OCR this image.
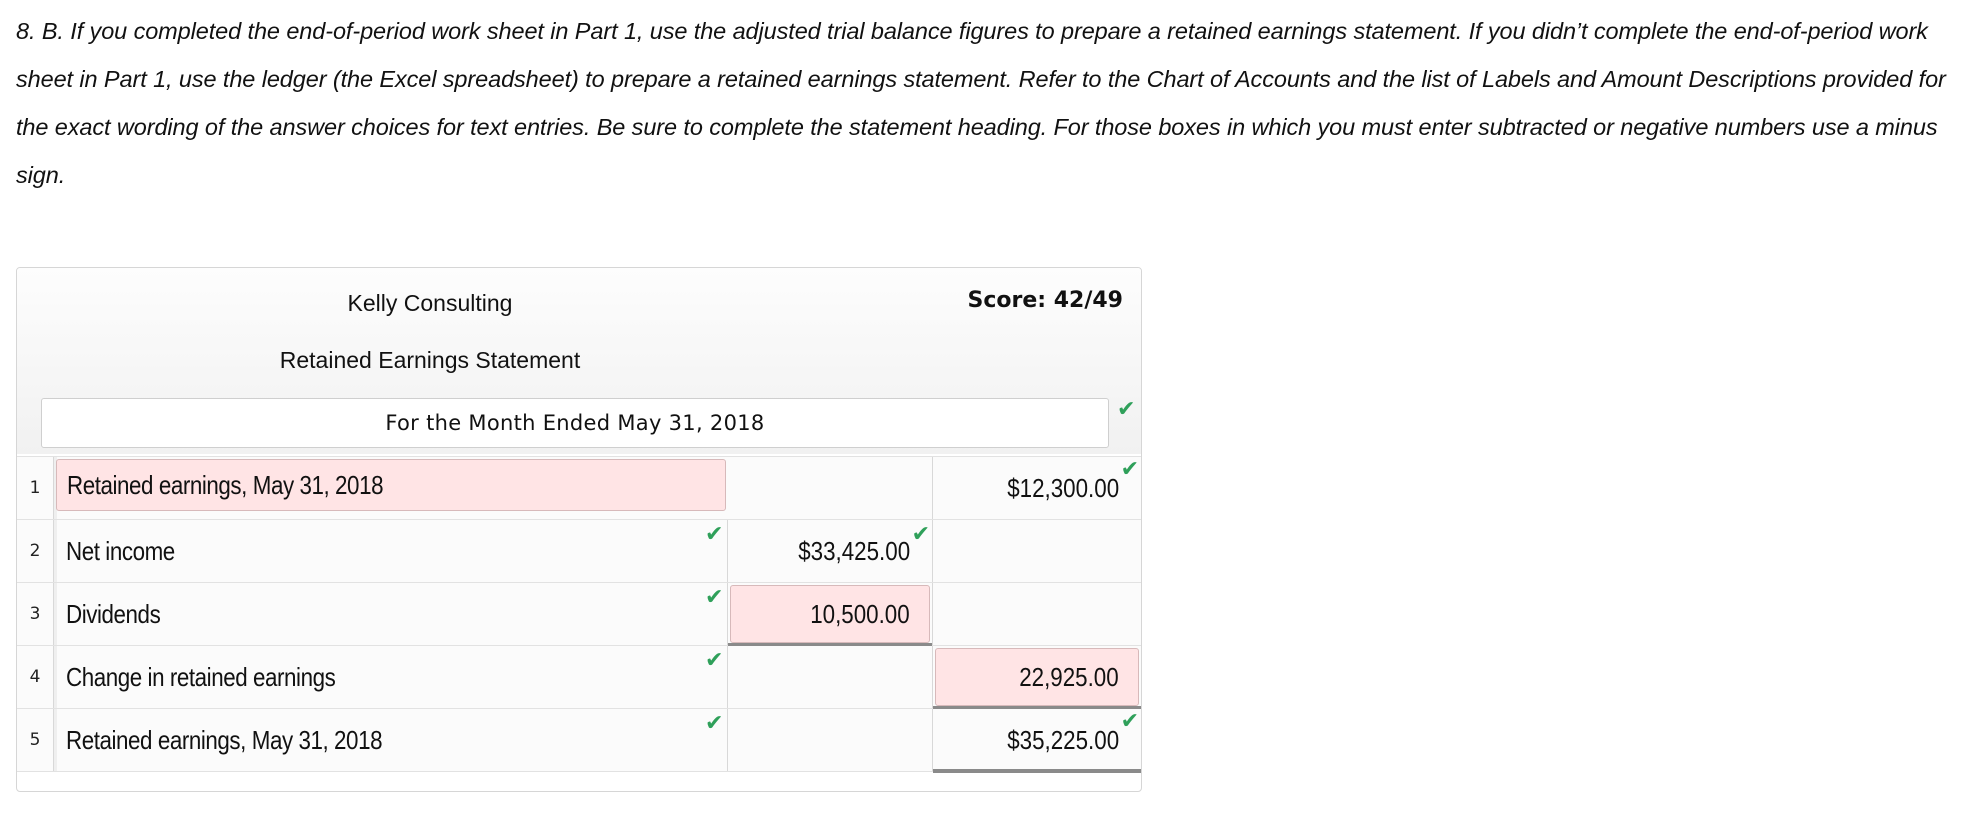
8. B. If you completed the end-of-period work sheet in Part 1, use the adjusted trial balance figures to prepare a retained earnings statement. If you didn’t complete the end-of-period work sheet in Part 1, use the ledger (the Excel spreadsheet) to prepare a retained earnings statement. Refer to the Chart of Accounts and the list of Labels and Amount Descriptions provided for the exact wording of the answer choices for text entries. Be sure to complete the statement heading. For those boxes in which you must enter subtracted or negative numbers use a minus sign.

Kelly Consulting
Retained Earnings Statement
Score: 42/49
For the Month Ended May 31, 2018
✔
1	Retained earnings, May 31, 2018	$12,300.00
✔
2 Net income
✔
$33,425.00
✔
3 Dividends
✔
10,500.00
4 Change in retained earnings
✔
22,925.00
5 Retained earnings, May 31, 2018
✔
$35,225.00
✔
